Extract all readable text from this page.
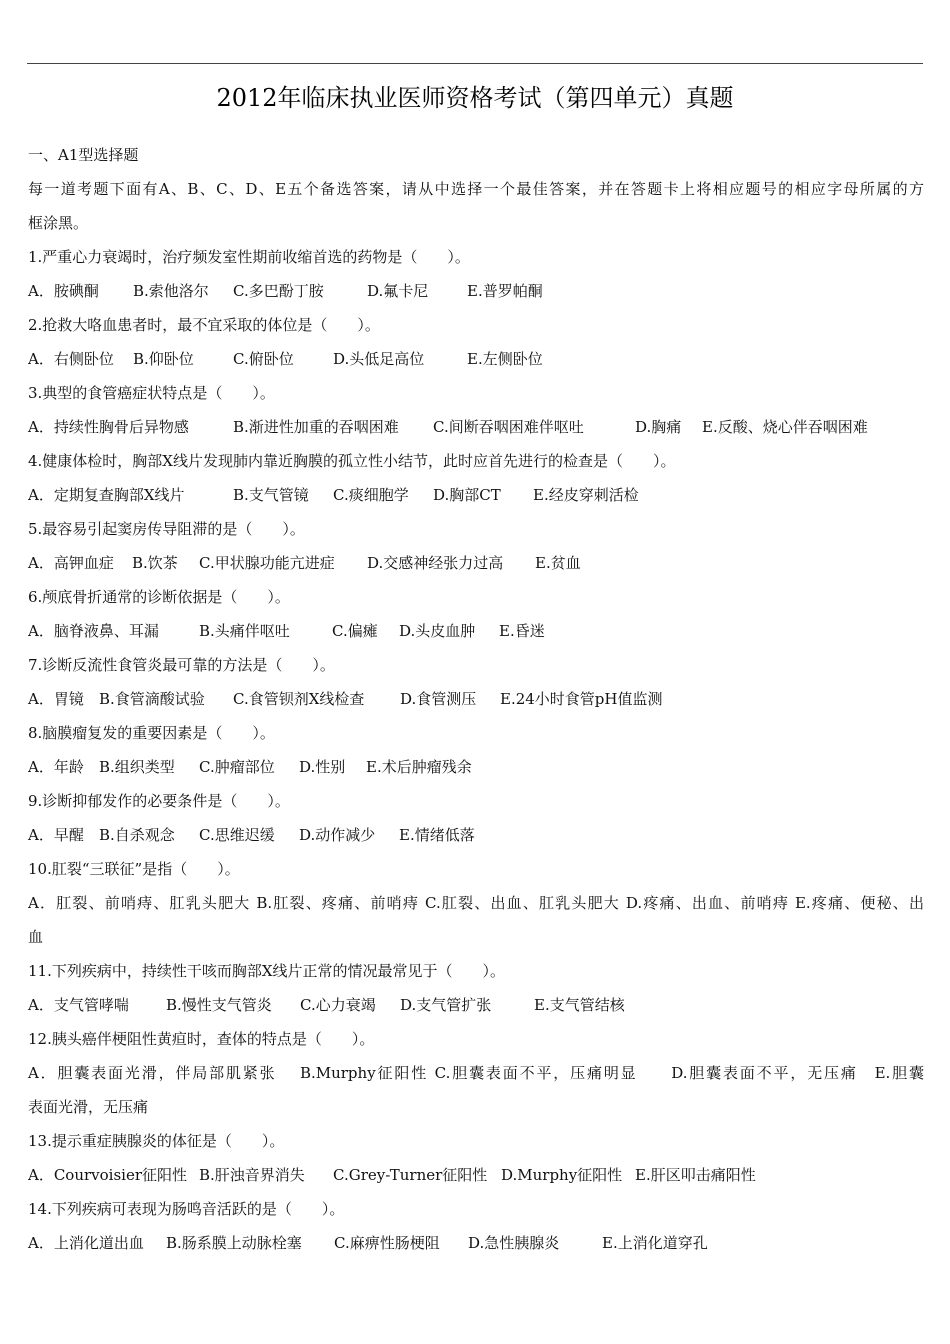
2012年临床执业医师资格考试（第四单元）真题
一、A1型选择题
每一道考题下面有A、B、C、D、E五个备选答案，请从中选择一个最佳答案，并在答题卡上将相应题号的相应字母所属的方
框涂黑。
1.严重心力衰竭时，治疗频发室性期前收缩首选的药物是（　　）。
A．胺碘酮	B.索他洛尔	C.多巴酚丁胺	D.氟卡尼	E.普罗帕酮
2.抢救大咯血患者时，最不宜采取的体位是（　　）。
A．右侧卧位	B.仰卧位	C.俯卧位	D.头低足高位	E.左侧卧位
3.典型的食管癌症状特点是（　　）。
A．持续性胸骨后异物感	B.渐进性加重的吞咽困难	C.间断吞咽困难伴呕吐	D.胸痛	E.反酸、烧心伴吞咽困难
4.健康体检时，胸部X线片发现肺内靠近胸膜的孤立性小结节，此时应首先进行的检查是（　　）。
A．定期复查胸部X线片	B.支气管镜	C.痰细胞学	D.胸部CT	E.经皮穿刺活检
5.最容易引起窦房传导阻滞的是（　　）。
A．高钾血症	B.饮茶	C.甲状腺功能亢进症	D.交感神经张力过高	E.贫血
6.颅底骨折通常的诊断依据是（　　）。
A．脑脊液鼻、耳漏	B.头痛伴呕吐	C.偏瘫	D.头皮血肿	E.昏迷
7.诊断反流性食管炎最可靠的方法是（　　）。
A．胃镜	B.食管滴酸试验	C.食管钡剂X线检查	D.食管测压	E.24小时食管pH值监测
8.脑膜瘤复发的重要因素是（　　）。
A．年龄	B.组织类型	C.肿瘤部位	D.性别	E.术后肿瘤残余
9.诊断抑郁发作的必要条件是（　　）。
A．早醒	B.自杀观念	C.思维迟缓	D.动作减少	E.情绪低落
10.肛裂“三联征”是指（　　）。
A．肛裂、前哨痔、肛乳头肥大 B.肛裂、疼痛、前哨痔 C.肛裂、出血、肛乳头肥大 D.疼痛、出血、前哨痔 E.疼痛、便秘、出
血
11.下列疾病中，持续性干咳而胸部X线片正常的情况最常见于（　　）。
A．支气管哮喘	B.慢性支气管炎	C.心力衰竭	D.支气管扩张	E.支气管结核
12.胰头癌伴梗阻性黄疸时，查体的特点是（　　）。
A．胆囊表面光滑，伴局部肌紧张　 B.Murphy征阳性 C.胆囊表面不平，压痛明显　　D.胆囊表面不平，无压痛　E.胆囊
表面光滑，无压痛
13.提示重症胰腺炎的体征是（　　）。
A．Courvoisier征阳性 B.肝浊音界消失	C.Grey-Turner征阳性 D.Murphy征阳性 E.肝区叩击痛阳性
14.下列疾病可表现为肠鸣音活跃的是（　　）。
A．上消化道出血	B.肠系膜上动脉栓塞	C.麻痹性肠梗阻	D.急性胰腺炎	E.上消化道穿孔
